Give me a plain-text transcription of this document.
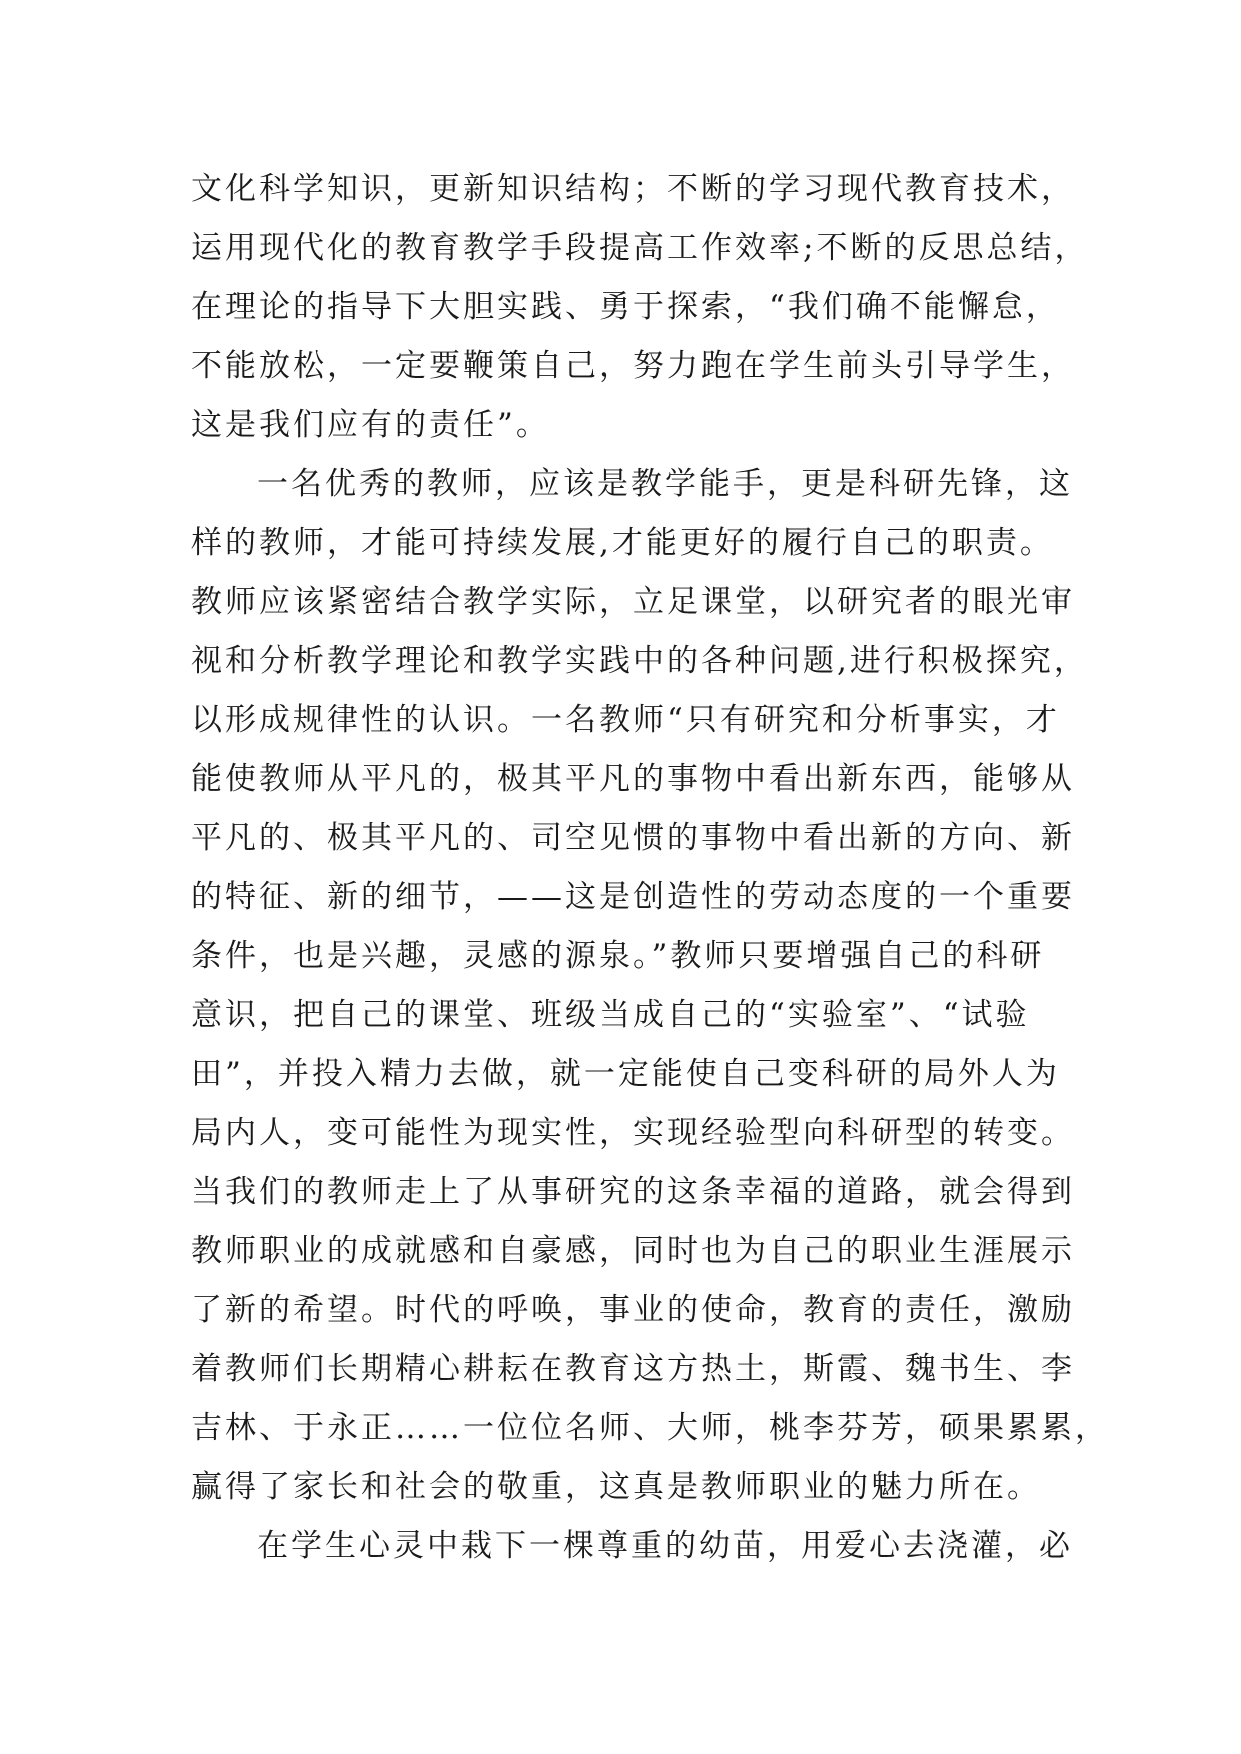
文化科学知识，更新知识结构；不断的学习现代教育技术，
运用现代化的教育教学手段提高工作效率;不断的反思总结，
在理论的指导下大胆实践、勇于探索，“我们确不能懈怠，
不能放松，一定要鞭策自己，努力跑在学生前头引导学生，
这是我们应有的责任”。
一名优秀的教师，应该是教学能手，更是科研先锋，这
样的教师，才能可持续发展,才能更好的履行自己的职责。
教师应该紧密结合教学实际，立足课堂，以研究者的眼光审
视和分析教学理论和教学实践中的各种问题,进行积极探究，
以形成规律性的认识。一名教师“只有研究和分析事实，才
能使教师从平凡的，极其平凡的事物中看出新东西，能够从
平凡的、极其平凡的、司空见惯的事物中看出新的方向、新
的特征、新的细节，——这是创造性的劳动态度的一个重要
条件，也是兴趣，灵感的源泉。”教师只要增强自己的科研
意识，把自己的课堂、班级当成自己的“实验室”、“试验
田”，并投入精力去做，就一定能使自己变科研的局外人为
局内人，变可能性为现实性，实现经验型向科研型的转变。
当我们的教师走上了从事研究的这条幸福的道路，就会得到
教师职业的成就感和自豪感，同时也为自己的职业生涯展示
了新的希望。时代的呼唤，事业的使命，教育的责任，激励
着教师们长期精心耕耘在教育这方热土，斯霞、魏书生、李
吉林、于永正……一位位名师、大师，桃李芬芳，硕果累累，
赢得了家长和社会的敬重，这真是教师职业的魅力所在。
在学生心灵中栽下一棵尊重的幼苗，用爱心去浇灌，必
